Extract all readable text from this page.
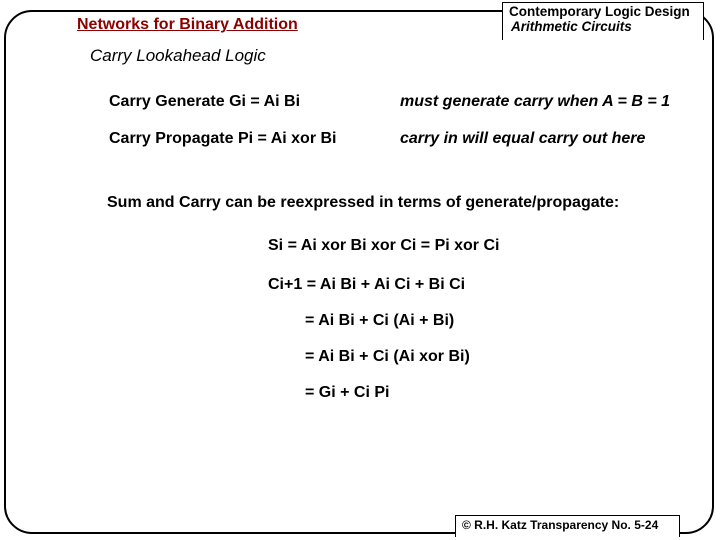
Contemporary Logic Design
Arithmetic Circuits
Networks for Binary Addition
Carry Lookahead Logic
Carry Generate Gi = Ai Bi	must generate carry when A = B = 1
Carry Propagate Pi = Ai xor Bi	carry in will equal carry out here
Sum and Carry can be reexpressed in terms of generate/propagate:
Si = Ai xor Bi xor Ci = Pi xor Ci
Ci+1 = Ai Bi + Ai Ci + Bi Ci
= Ai Bi + Ci (Ai + Bi)
= Ai Bi + Ci (Ai xor Bi)
= Gi + Ci Pi
© R.H. Katz Transparency No. 5-24
